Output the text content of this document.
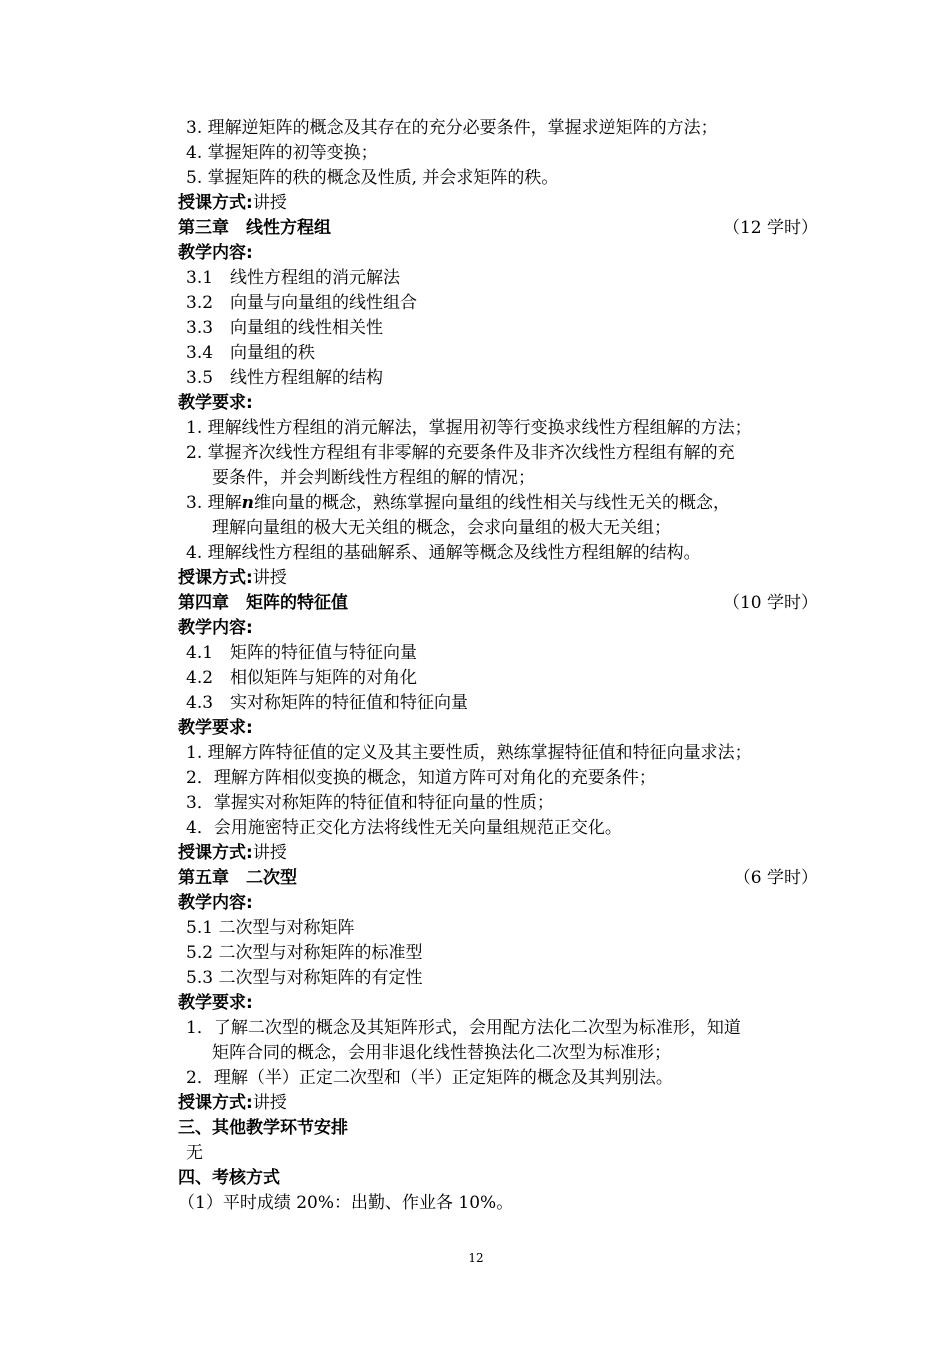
3. 理解逆矩阵的概念及其存在的充分必要条件，掌握求逆矩阵的方法；
4. 掌握矩阵的初等变换；
5. 掌握矩阵的秩的概念及性质, 并会求矩阵的秩。
授课方式:讲授
第三章　线性方程组	（12 学时）
教学内容:
3.1 线性方程组的消元解法
3.2 向量与向量组的线性组合
3.3 向量组的线性相关性
3.4 向量组的秩
3.5 线性方程组解的结构
教学要求:
1. 理解线性方程组的消元解法，掌握用初等行变换求线性方程组解的方法；
2. 掌握齐次线性方程组有非零解的充要条件及非齐次线性方程组有解的充
要条件，并会判断线性方程组的解的情况；
3. 理解n维向量的概念，熟练掌握向量组的线性相关与线性无关的概念，
理解向量组的极大无关组的概念，会求向量组的极大无关组；
4. 理解线性方程组的基础解系、通解等概念及线性方程组解的结构。
授课方式:讲授
第四章　矩阵的特征值	（10 学时）
教学内容:
4.1 矩阵的特征值与特征向量
4.2 相似矩阵与矩阵的对角化
4.3 实对称矩阵的特征值和特征向量
教学要求:
1. 理解方阵特征值的定义及其主要性质，熟练掌握特征值和特征向量求法；
2．理解方阵相似变换的概念，知道方阵可对角化的充要条件；
3．掌握实对称矩阵的特征值和特征向量的性质；
4．会用施密特正交化方法将线性无关向量组规范正交化。
授课方式:讲授
第五章　二次型	（6 学时）
教学内容:
5.1 二次型与对称矩阵
5.2 二次型与对称矩阵的标准型
5.3 二次型与对称矩阵的有定性
教学要求:
1．了解二次型的概念及其矩阵形式，会用配方法化二次型为标准形，知道
矩阵合同的概念，会用非退化线性替换法化二次型为标准形；
2．理解（半）正定二次型和（半）正定矩阵的概念及其判别法。
授课方式:讲授
三、其他教学环节安排
无
四、考核方式
（1）平时成绩 20%：出勤、作业各 10%。
12
